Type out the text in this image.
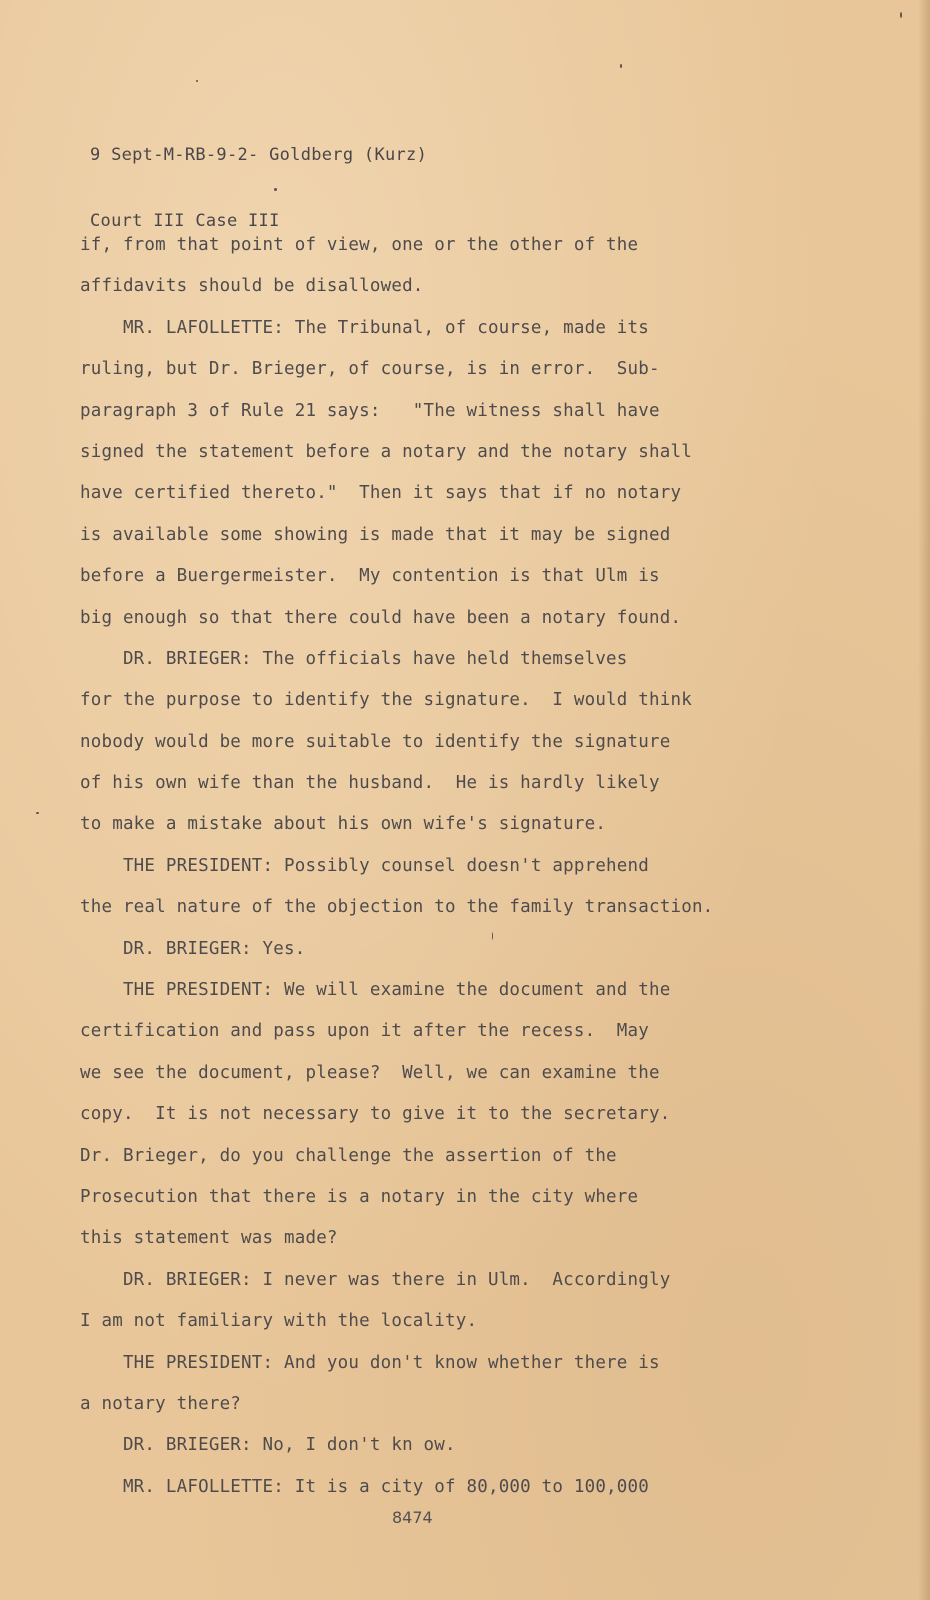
9 Sept-M-RB-9-2- Goldberg (Kurz)

Court III Case III

if, from that point of view, one or the other of the
affidavits should be disallowed.
MR. LAFOLLETTE: The Tribunal, of course, made its
ruling, but Dr. Brieger, of course, is in error.  Sub-
paragraph 3 of Rule 21 says:   "The witness shall have
signed the statement before a notary and the notary shall
have certified thereto."  Then it says that if no notary
is available some showing is made that it may be signed
before a Buergermeister.  My contention is that Ulm is
big enough so that there could have been a notary found.
DR. BRIEGER: The officials have held themselves
for the purpose to identify the signature.  I would think
nobody would be more suitable to identify the signature
of his own wife than the husband.  He is hardly likely
to make a mistake about his own wife's signature.
THE PRESIDENT: Possibly counsel doesn't apprehend
the real nature of the objection to the family transaction.
DR. BRIEGER: Yes.
THE PRESIDENT: We will examine the document and the
certification and pass upon it after the recess.  May
we see the document, please?  Well, we can examine the
copy.  It is not necessary to give it to the secretary.
Dr. Brieger, do you challenge the assertion of the
Prosecution that there is a notary in the city where
this statement was made?
DR. BRIEGER: I never was there in Ulm.  Accordingly
I am not familiary with the locality.
THE PRESIDENT: And you don't know whether there is
a notary there?
DR. BRIEGER: No, I don't kn ow.
MR. LAFOLLETTE: It is a city of 80,000 to 100,000
8474
